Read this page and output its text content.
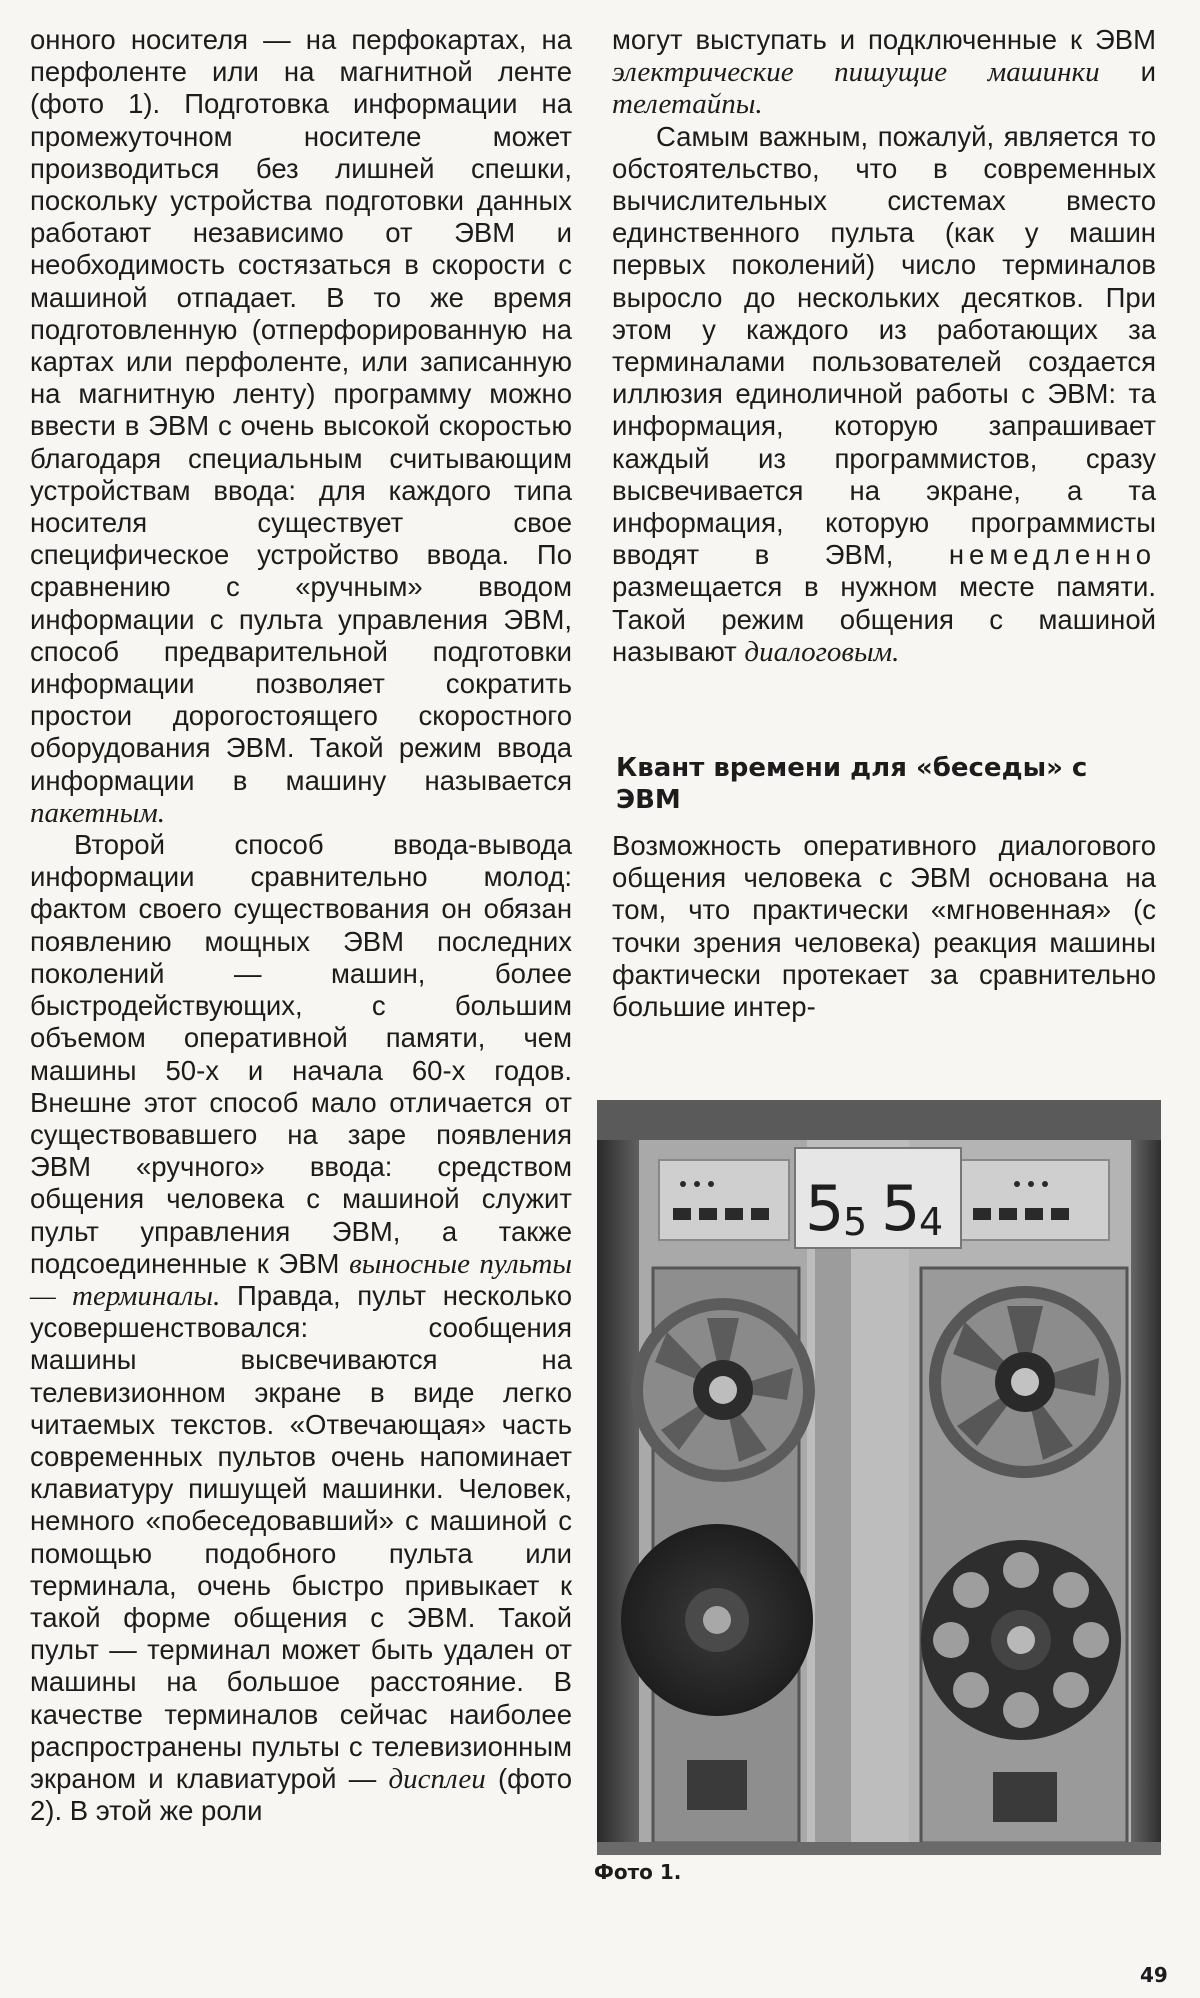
онного носителя — на перфокартах, на перфоленте или на магнитной ленте (фото 1). Подготовка информации на промежуточном носителе может производиться без лишней спешки, поскольку устройства подготовки данных работают независимо от ЭВМ и необходимость состязаться в скорости с машиной отпадает. В то же время подготовленную (отперфорированную на картах или перфоленте, или записанную на магнитную ленту) программу можно ввести в ЭВМ с очень высокой скоростью благодаря специальным считывающим устройствам ввода: для каждого типа носителя существует свое специфическое устройство ввода. По сравнению с «ручным» вводом информации с пульта управления ЭВМ, способ предварительной подготовки информации позволяет сократить простои дорогостоящего скоростного оборудования ЭВМ. Такой режим ввода информации в машину называется пакетным.

Второй способ ввода-вывода информации сравнительно молод: фактом своего существования он обязан появлению мощных ЭВМ последних поколений — машин, более быстродействующих, с большим объемом оперативной памяти, чем машины 50-х и начала 60-х годов. Внешне этот способ мало отличается от существовавшего на заре появления ЭВМ «ручного» ввода: средством общения человека с машиной служит пульт управления ЭВМ, а также подсоединенные к ЭВМ выносные пульты — терминалы. Правда, пульт несколько усовершенствовался: сообщения машины высвечиваются на телевизионном экране в виде легко читаемых текстов. «Отвечающая» часть современных пультов очень напоминает клавиатуру пишущей машинки. Человек, немного «побеседовавший» с машиной с помощью подобного пульта или терминала, очень быстро привыкает к такой форме общения с ЭВМ. Такой пульт — терминал может быть удален от машины на большое расстояние. В качестве терминалов сейчас наиболее распространены пульты с телевизионным экраном и клавиатурой — дисплеи (фото 2). В этой же роли

могут выступать и подключенные к ЭВМ электрические пишущие машинки и телетайпы.

Самым важным, пожалуй, является то обстоятельство, что в современных вычислительных системах вместо единственного пульта (как у машин первых поколений) число терминалов выросло до нескольких десятков. При этом у каждого из работающих за терминалами пользователей создается иллюзия единоличной работы с ЭВМ: та информация, которую запрашивает каждый из программистов, сразу высвечивается на экране, а та информация, которую программисты вводят в ЭВМ, немедленно размещается в нужном месте памяти. Такой режим общения с машиной называют диалоговым.

Квант времени для «беседы» с ЭВМ

Возможность оперативного диалогового общения человека с ЭВМ основана на том, что практически «мгновенная» (с точки зрения человека) реакция машины фактически протекает за сравнительно большие интер-

5
5 5
4

Фото 1.

49
